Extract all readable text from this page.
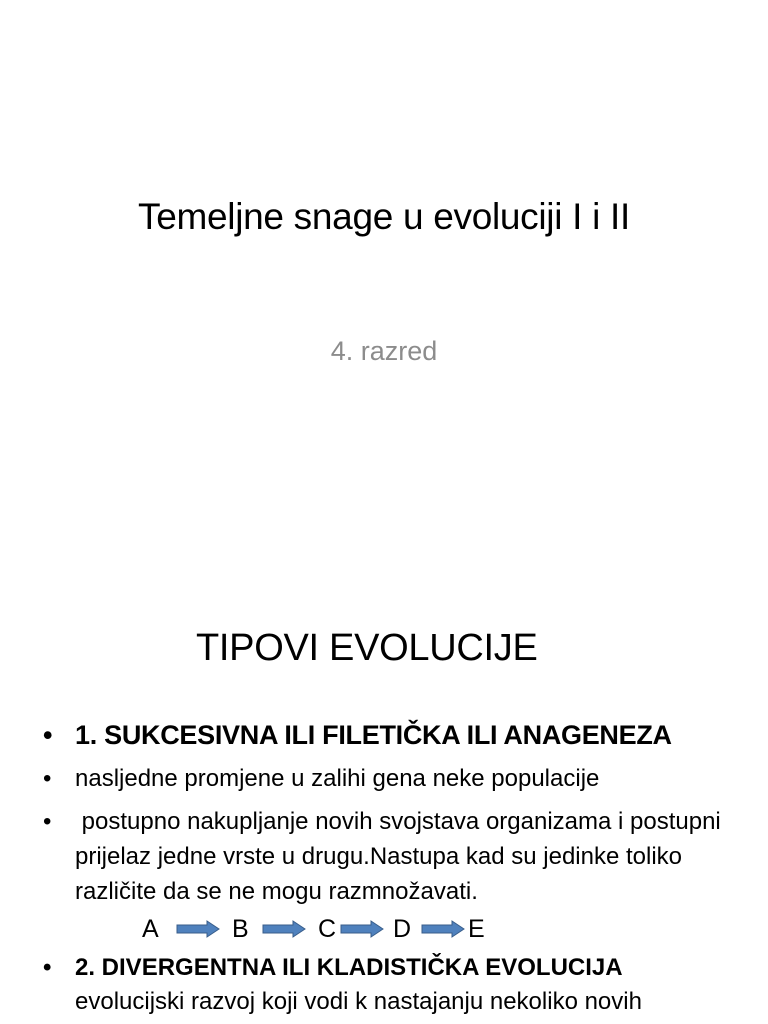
Temeljne snage u evoluciji I i II
4. razred
TIPOVI EVOLUCIJE
• 1. SUKCESIVNA ILI FILETIČKA ILI ANAGENEZA
• nasljedne promjene u zalihi gena neke populacije
•  postupno nakupljanje novih svojstava organizama i postupni prijelaz jedne vrste u drugu.Nastupa kad su jedinke toliko različite da se ne mogu razmnožavati.
A	B	C D E
• 2. DIVERGENTNA ILI KLADISTIČKA EVOLUCIJA
evolucijski razvoj koji vodi k nastajanju nekoliko novih
